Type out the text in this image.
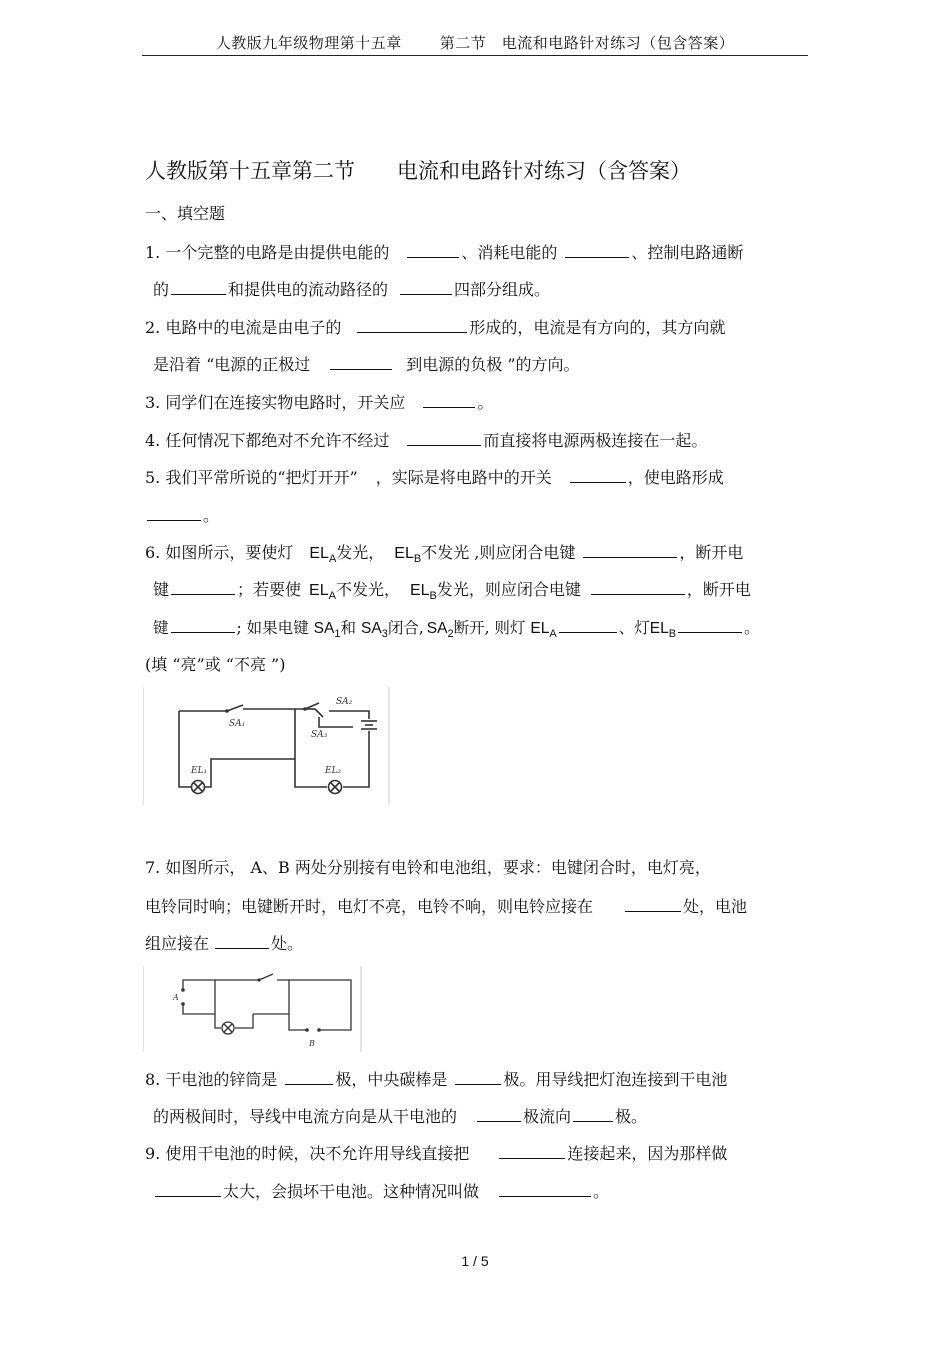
人教版九年级物理第十五章	第二节　电流和电路针对练习（包含答案）
人教版第十五章第二节 电流和电路针对练习（含答案）
一、填空题
1. 一个完整的电路是由提供电能的	、消耗电能的	、控制电路通断
的	和提供电的流动路径的	四部分组成。
2. 电路中的电流是由电子的	形成的，电流是有方向的，其方向就
是沿着 “电源的正极过	到电源的负极 ”的方向。
3. 同学们在连接实物电路时，开关应	。
4. 任何情况下都绝对不允许不经过	而直接将电源两极连接在一起。
5. 我们平常所说的“把灯开开” ，实际是将电路中的开关	，使电路形成
。
6. 如图所示，要使灯 $EL_A$发光， $EL_B$不发光 ,则应闭合电键	，断开电
键	；若要使 $EL_A$不发光， $EL_B$发光，则应闭合电键	，断开电
键	; 如果电键 $SA_1$和 $SA_3$闭合, $SA_2$断开, 则灯 $EL_A$	、灯$EL_B$	。
(填 “亮”或 “不亮 ”)
SA₁
SA₂
SA₃
EL₁	EL₂
7. 如图所示， A、B 两处分别接有电铃和电池组，要求：电键闭合时，电灯亮，
电铃同时响；电键断开时，电灯不亮，电铃不响，则电铃应接在	处，电池
组应接在	处。
A
B
8. 干电池的锌筒是	极，中央碳棒是	极。用导线把灯泡连接到干电池
的两极间时，导线中电流方向是从干电池的	极流向	极。
9. 使用干电池的时候，决不允许用导线直接把	连接起来，因为那样做
太大，会损坏干电池。这种情况叫做	。
1 / 5
